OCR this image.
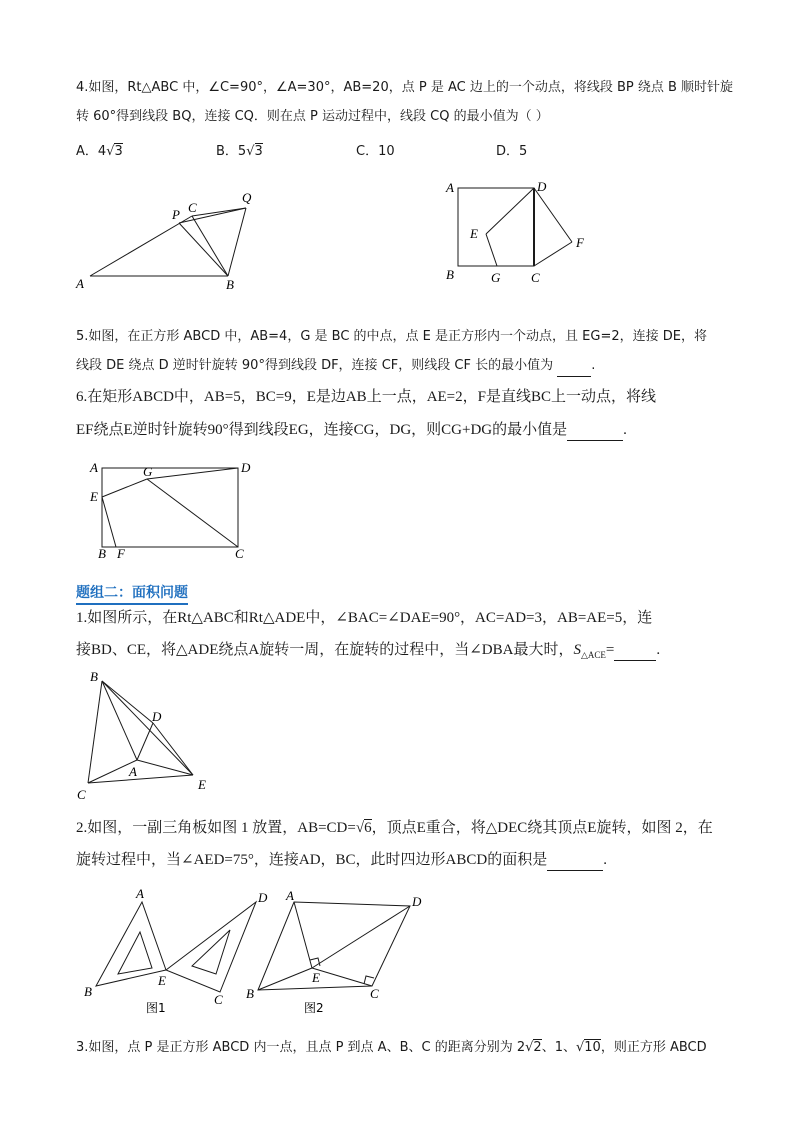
4.如图，Rt△ABC 中，∠C=90°，∠A=30°，AB=20，点 P 是 AC 边上的一个动点，将线段 BP 绕点 B 顺时针旋
转 60°得到线段 BQ，连接 CQ．则在点 P 运动过程中，线段 CQ 的最小值为（ ）
A．4√3	B．5√3	C．10	D．5
A	B
C
P
Q
A	D
E
F
B	G C
5.如图，在正方形 ABCD 中，AB=4，G 是 BC 的中点，点 E 是正方形内一个动点，且 EG=2，连接 DE，将
线段 DE 绕点 D 逆时针旋转 90°得到线段 DF，连接 CF，则线段 CF 长的最小值为	.
6.在矩形ABCD中，AB=5，BC=9，E是边AB上一点，AE=2，F是直线BC上一动点，将线
EF绕点E逆时针旋转90°得到线段EG，连接CG，DG，则CG+DG的最小值是	.
A	G	D
E
B F	C
题组二：面积问题
1.如图所示，在Rt△ABC和Rt△ADE中，∠BAC=∠DAE=90°，AC=AD=3，AB=AE=5，连
接BD、CE，将△ADE绕点A旋转一周，在旋转的过程中，当∠DBA最大时，$S_{\triangle ACE}=$	.
B
D
A
E
C
2.如图，一副三角板如图 1 放置，AB=CD=√6，顶点E重合，将△DEC绕其顶点E旋转，如图 2，在
旋转过程中，当∠AED=75°，连接AD，BC，此时四边形ABCD的面积是	.
A
B
E
D
C
图1
A	D
E
B	C
图2
3.如图，点 P 是正方形 ABCD 内一点，且点 P 到点 A、B、C 的距离分别为 2√2、1、√10，则正方形 ABCD
